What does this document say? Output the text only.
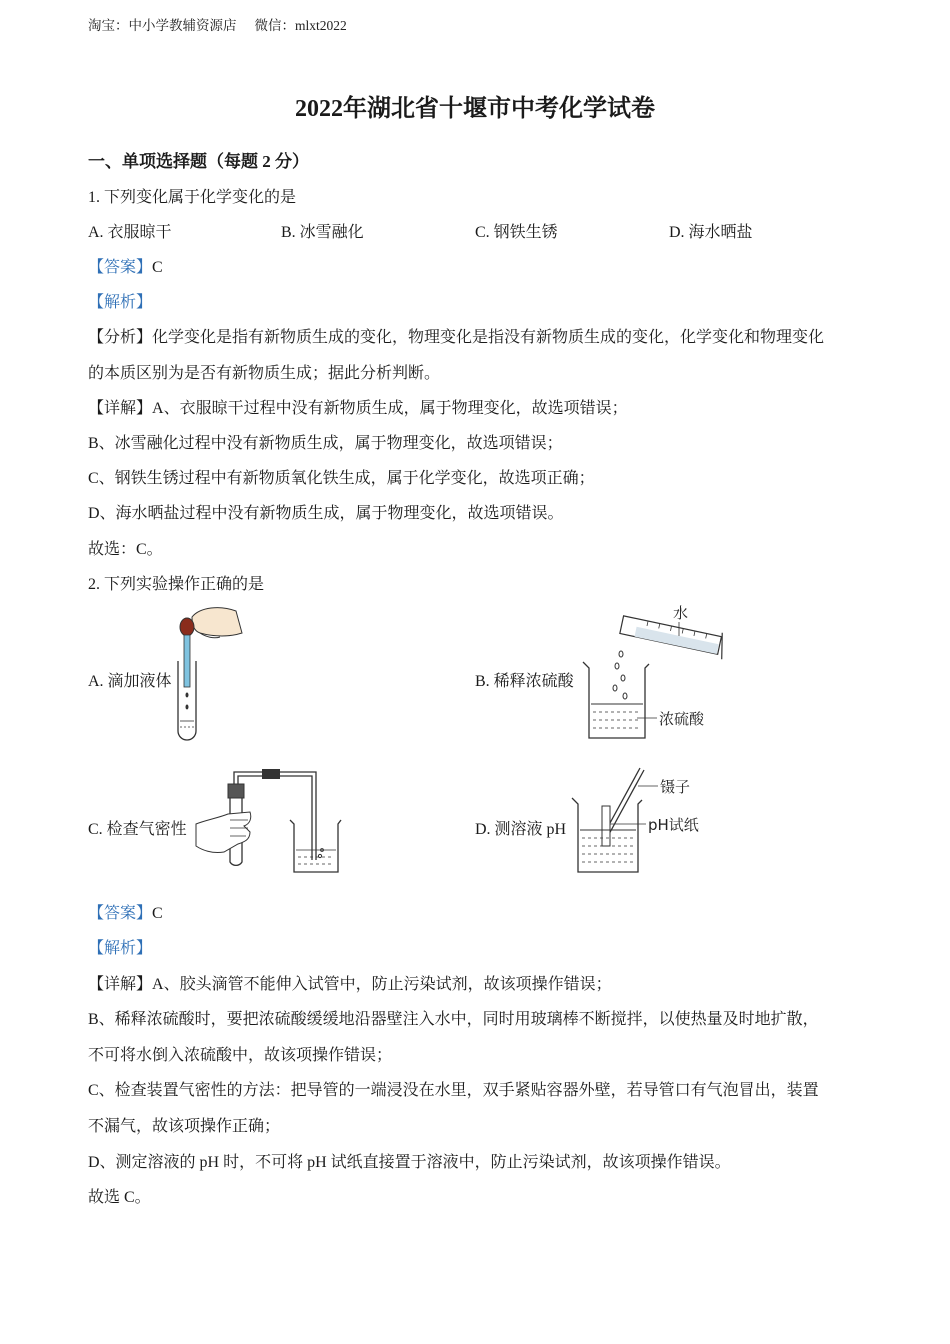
淘宝：中小学教辅资源店 微信：mlxt2022
2022年湖北省十堰市中考化学试卷
一、单项选择题（每题 2 分）
1. 下列变化属于化学变化的是
A. 衣服晾干	B. 冰雪融化	C. 钢铁生锈	D. 海水晒盐
【答案】C
【解析】
【分析】化学变化是指有新物质生成的变化，物理变化是指没有新物质生成的变化，化学变化和物理变化
的本质区别为是否有新物质生成；据此分析判断。
【详解】A、衣服晾干过程中没有新物质生成，属于物理变化，故选项错误；
B、冰雪融化过程中没有新物质生成，属于物理变化，故选项错误；
C、钢铁生锈过程中有新物质氧化铁生成，属于化学变化，故选项正确；
D、海水晒盐过程中没有新物质生成，属于物理变化，故选项错误。
故选：C。
2. 下列实验操作正确的是
A. 滴加液体	B. 稀释浓硫酸
水
浓硫酸
C. 检查气密性	D. 测溶液 pH
镊子
pH试纸
【答案】C
【解析】
【详解】A、胶头滴管不能伸入试管中，防止污染试剂，故该项操作错误；
B、稀释浓硫酸时，要把浓硫酸缓缓地沿器壁注入水中，同时用玻璃棒不断搅拌，以使热量及时地扩散，
不可将水倒入浓硫酸中，故该项操作错误；
C、检查装置气密性的方法：把导管的一端浸没在水里，双手紧贴容器外壁，若导管口有气泡冒出，装置
不漏气，故该项操作正确；
D、测定溶液的 pH 时，不可将 pH 试纸直接置于溶液中，防止污染试剂，故该项操作错误。
故选 C。
